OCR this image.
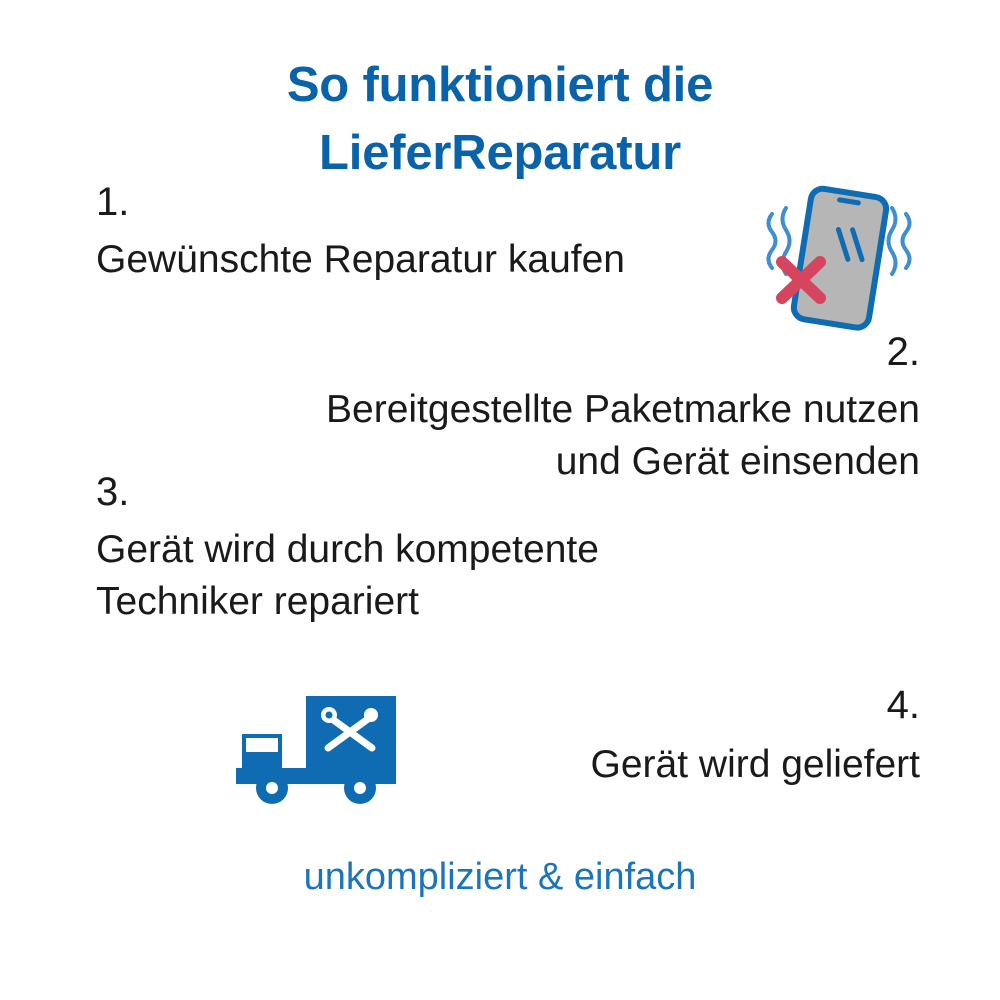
So funktioniert die
LieferReparatur
1.
Gewünschte Reparatur kaufen
2.
Bereitgestellte Paketmarke nutzen
und Gerät einsenden
3.
Gerät wird durch kompetente
Techniker repariert
4.
Gerät wird geliefert
unkompliziert & einfach
